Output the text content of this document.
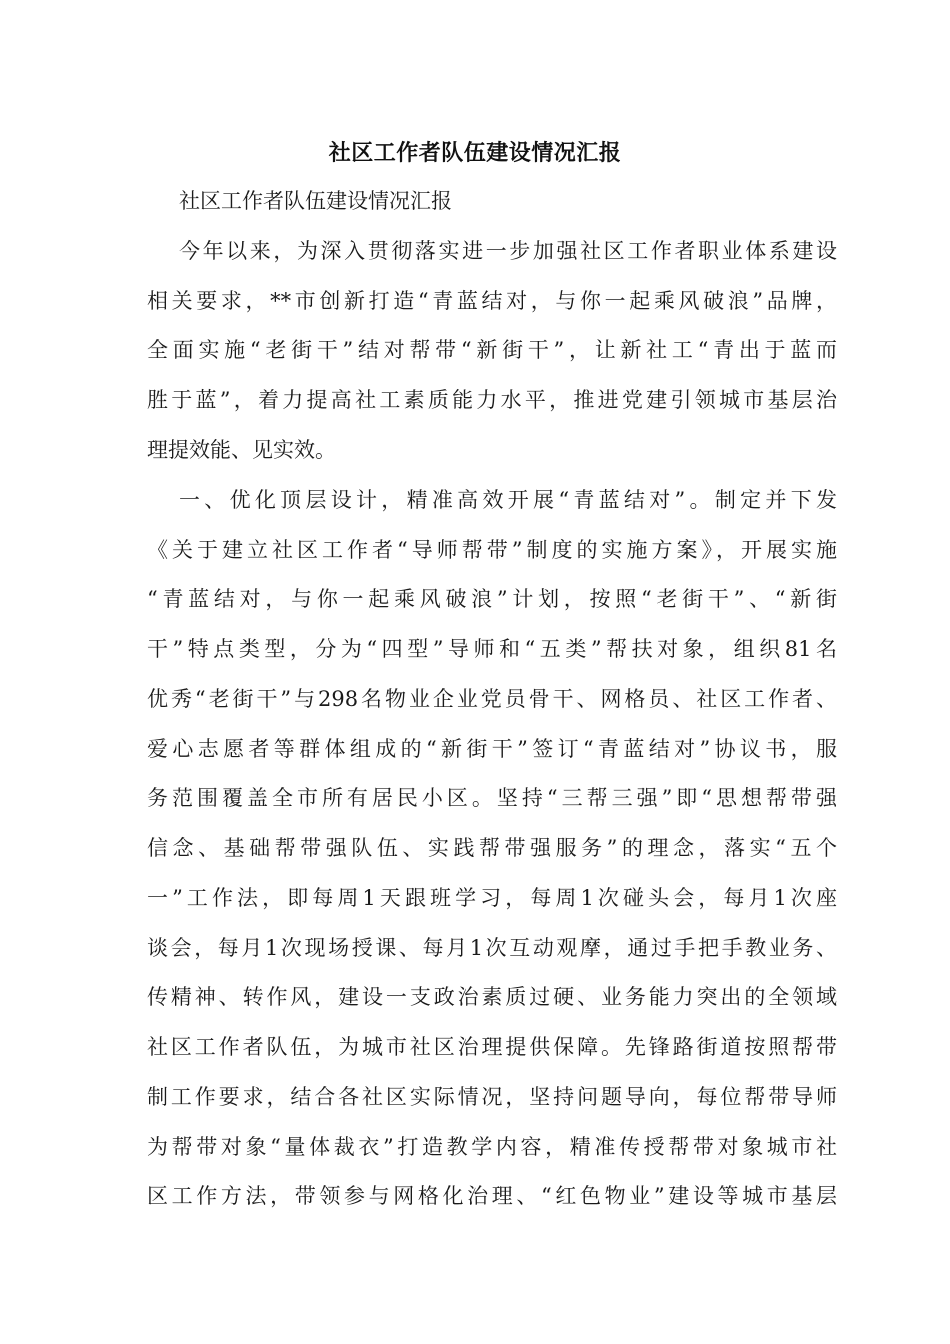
社区工作者队伍建设情况汇报
社区工作者队伍建设情况汇报
今年以来，为深入贯彻落实进一步加强社区工作者职业体系建设
相关要求，**市创新打造“青蓝结对，与你一起乘风破浪”品牌，
全面实施“老街干”结对帮带“新街干”，让新社工“青出于蓝而
胜于蓝”，着力提高社工素质能力水平，推进党建引领城市基层治
理提效能、见实效。
一、优化顶层设计，精准高效开展“青蓝结对”。制定并下发
《关于建立社区工作者“导师帮带”制度的实施方案》，开展实施
“青蓝结对，与你一起乘风破浪”计划，按照“老街干”、“新街
干”特点类型，分为“四型”导师和“五类”帮扶对象，组织81名
优秀“老街干”与298名物业企业党员骨干、网格员、社区工作者、
爱心志愿者等群体组成的“新街干”签订“青蓝结对”协议书，服
务范围覆盖全市所有居民小区。坚持“三帮三强”即“思想帮带强
信念、基础帮带强队伍、实践帮带强服务”的理念，落实“五个
一”工作法，即每周1天跟班学习，每周1次碰头会，每月1次座
谈会，每月1次现场授课、每月1次互动观摩，通过手把手教业务、
传精神、转作风，建设一支政治素质过硬、业务能力突出的全领域
社区工作者队伍，为城市社区治理提供保障。先锋路街道按照帮带
制工作要求，结合各社区实际情况，坚持问题导向，每位帮带导师
为帮带对象“量体裁衣”打造教学内容，精准传授帮带对象城市社
区工作方法，带领参与网格化治理、“红色物业”建设等城市基层
